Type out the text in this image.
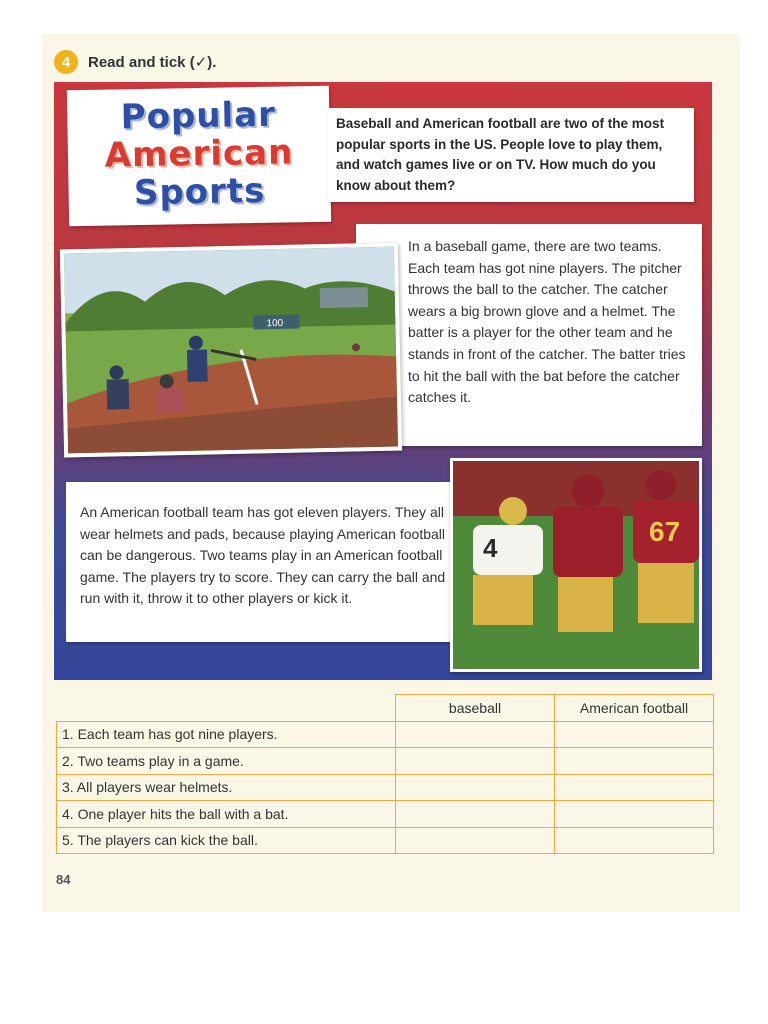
4	Read and tick (✓).
Popular
American
Sports
Baseball and American football are two of the most popular sports in the US. People love to play them, and watch games live or on TV. How much do you know about them?
In a baseball game, there are two teams. Each team has got nine players. The pitcher throws the ball to the catcher. The catcher wears a big brown glove and a helmet. The batter is a player for the other team and he stands in front of the catcher. The batter tries to hit the ball with the bat before the catcher catches it.
100
An American football team has got eleven players. They all wear helmets and pads, because playing American football can be dangerous. Two teams play in an American football game. The players try to score. They can carry the ball and run with it, throw it to other players or kick it.
4
67
	baseball	American football
1. Each team has got nine players.		
2. Two teams play in a game.		
3. All players wear helmets.		
4. One player hits the ball with a bat.		
5. The players can kick the ball.		
84
